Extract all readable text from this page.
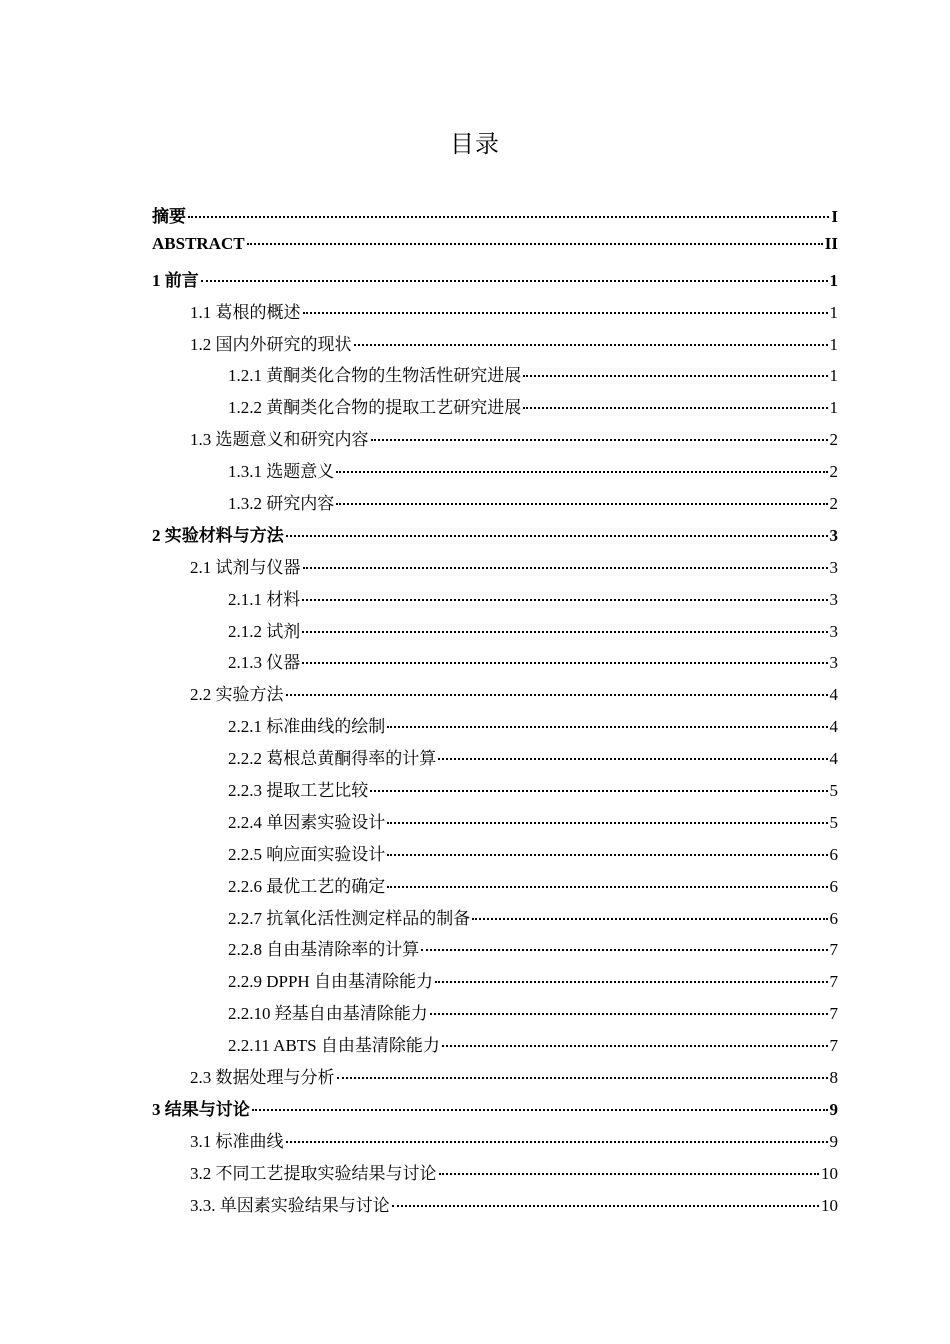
目录
摘要	I
ABSTRACT	II
1 前言	1
1.1 葛根的概述	1
1.2 国内外研究的现状	1
1.2.1 黄酮类化合物的生物活性研究进展	1
1.2.2 黄酮类化合物的提取工艺研究进展	1
1.3 选题意义和研究内容	2
1.3.1 选题意义	2
1.3.2 研究内容	2
2 实验材料与方法	3
2.1 试剂与仪器	3
2.1.1 材料	3
2.1.2 试剂	3
2.1.3 仪器	3
2.2 实验方法	4
2.2.1 标准曲线的绘制	4
2.2.2 葛根总黄酮得率的计算	4
2.2.3 提取工艺比较	5
2.2.4 单因素实验设计	5
2.2.5 响应面实验设计	6
2.2.6 最优工艺的确定	6
2.2.7 抗氧化活性测定样品的制备	6
2.2.8 自由基清除率的计算	7
2.2.9 DPPH 自由基清除能力	7
2.2.10 羟基自由基清除能力	7
2.2.11 ABTS 自由基清除能力	7
2.3 数据处理与分析	8
3 结果与讨论	9
3.1 标准曲线	9
3.2 不同工艺提取实验结果与讨论	10
3.3. 单因素实验结果与讨论	10
